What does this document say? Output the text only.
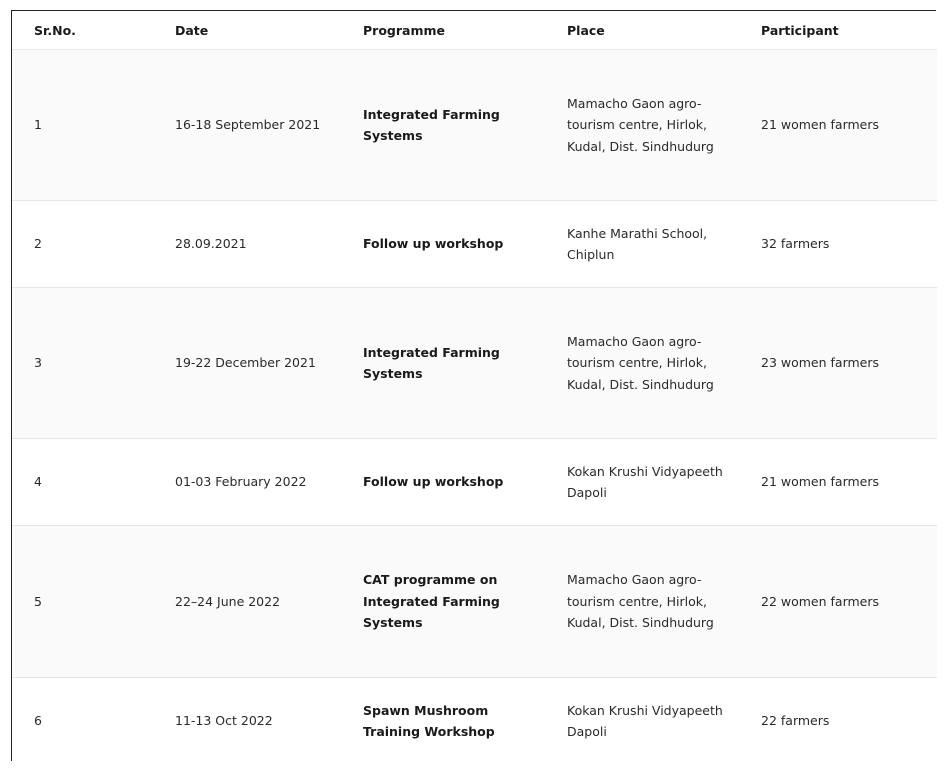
Sr.No.	Date	Programme	Place	Participant
1	16-18 September 2021	Integrated Farming Systems	Mamacho Gaon agro-tourism centre, Hirlok, Kudal, Dist. Sindhudurg	21 women farmers
2	28.09.2021	Follow up workshop	Kanhe Marathi School, Chiplun	32 farmers
3	19-22 December 2021	Integrated Farming Systems	Mamacho Gaon agro-tourism centre, Hirlok, Kudal, Dist. Sindhudurg	23 women farmers
4	01-03 February 2022	Follow up workshop	Kokan Krushi Vidyapeeth Dapoli	21 women farmers
5	22–24 June 2022	CAT programme on Integrated Farming Systems	Mamacho Gaon agro-tourism centre, Hirlok, Kudal, Dist. Sindhudurg	22 women farmers
6	11-13 Oct 2022	Spawn Mushroom Training Workshop	Kokan Krushi Vidyapeeth Dapoli	22 farmers
